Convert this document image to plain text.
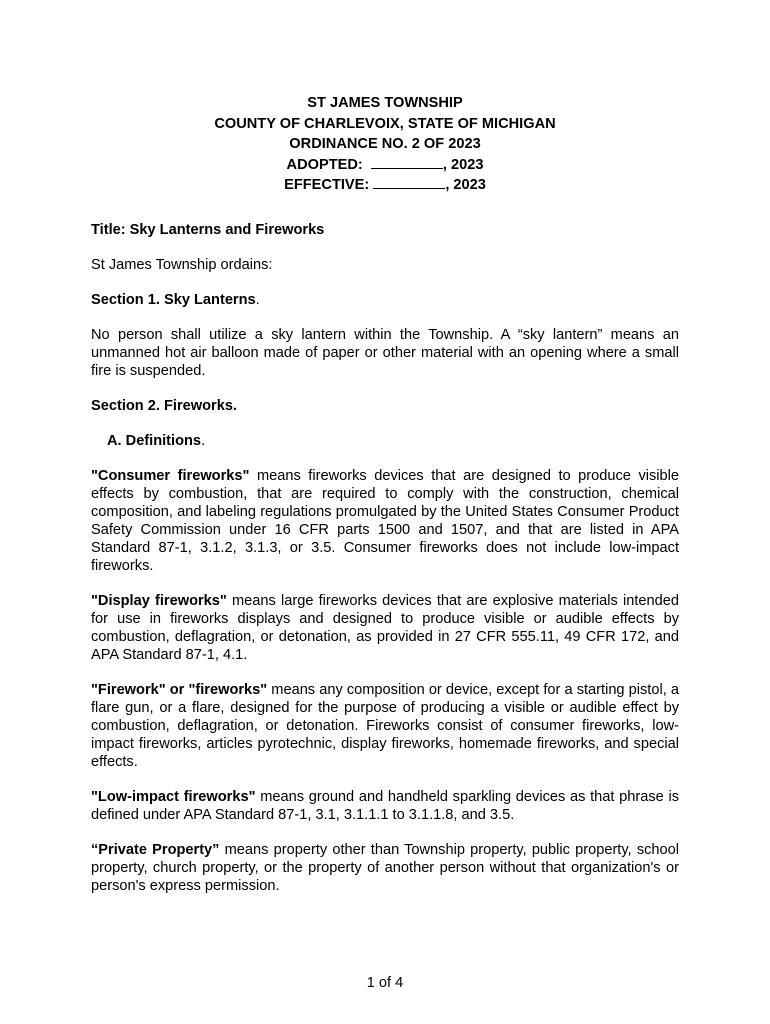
ST JAMES TOWNSHIP
COUNTY OF CHARLEVOIX, STATE OF MICHIGAN
ORDINANCE NO. 2 OF 2023
ADOPTED:	, 2023
EFFECTIVE:	, 2023

Title: Sky Lanterns and Fireworks

St James Township ordains:

Section 1. Sky Lanterns.

No person shall utilize a sky lantern within the Township. A “sky lantern” means an unmanned hot air balloon made of paper or other material with an opening where a small fire is suspended.

Section 2. Fireworks.

A. Definitions.

"Consumer fireworks" means fireworks devices that are designed to produce visible effects by combustion, that are required to comply with the construction, chemical composition, and labeling regulations promulgated by the United States Consumer Product Safety Commission under 16 CFR parts 1500 and 1507, and that are listed in APA Standard 87-1, 3.1.2, 3.1.3, or 3.5. Consumer fireworks does not include low-impact fireworks.

"Display fireworks" means large fireworks devices that are explosive materials intended for use in fireworks displays and designed to produce visible or audible effects by combustion, deflagration, or detonation, as provided in 27 CFR 555.11, 49 CFR 172, and APA Standard 87-1, 4.1.

"Firework" or "fireworks" means any composition or device, except for a starting pistol, a flare gun, or a flare, designed for the purpose of producing a visible or audible effect by combustion, deflagration, or detonation. Fireworks consist of consumer fireworks, low-impact fireworks, articles pyrotechnic, display fireworks, homemade fireworks, and special effects.

"Low-impact fireworks" means ground and handheld sparkling devices as that phrase is defined under APA Standard 87-1, 3.1, 3.1.1.1 to 3.1.1.8, and 3.5.

“Private Property” means property other than Township property, public property, school property, church property, or the property of another person without that organization's or person's express permission.

1 of 4
